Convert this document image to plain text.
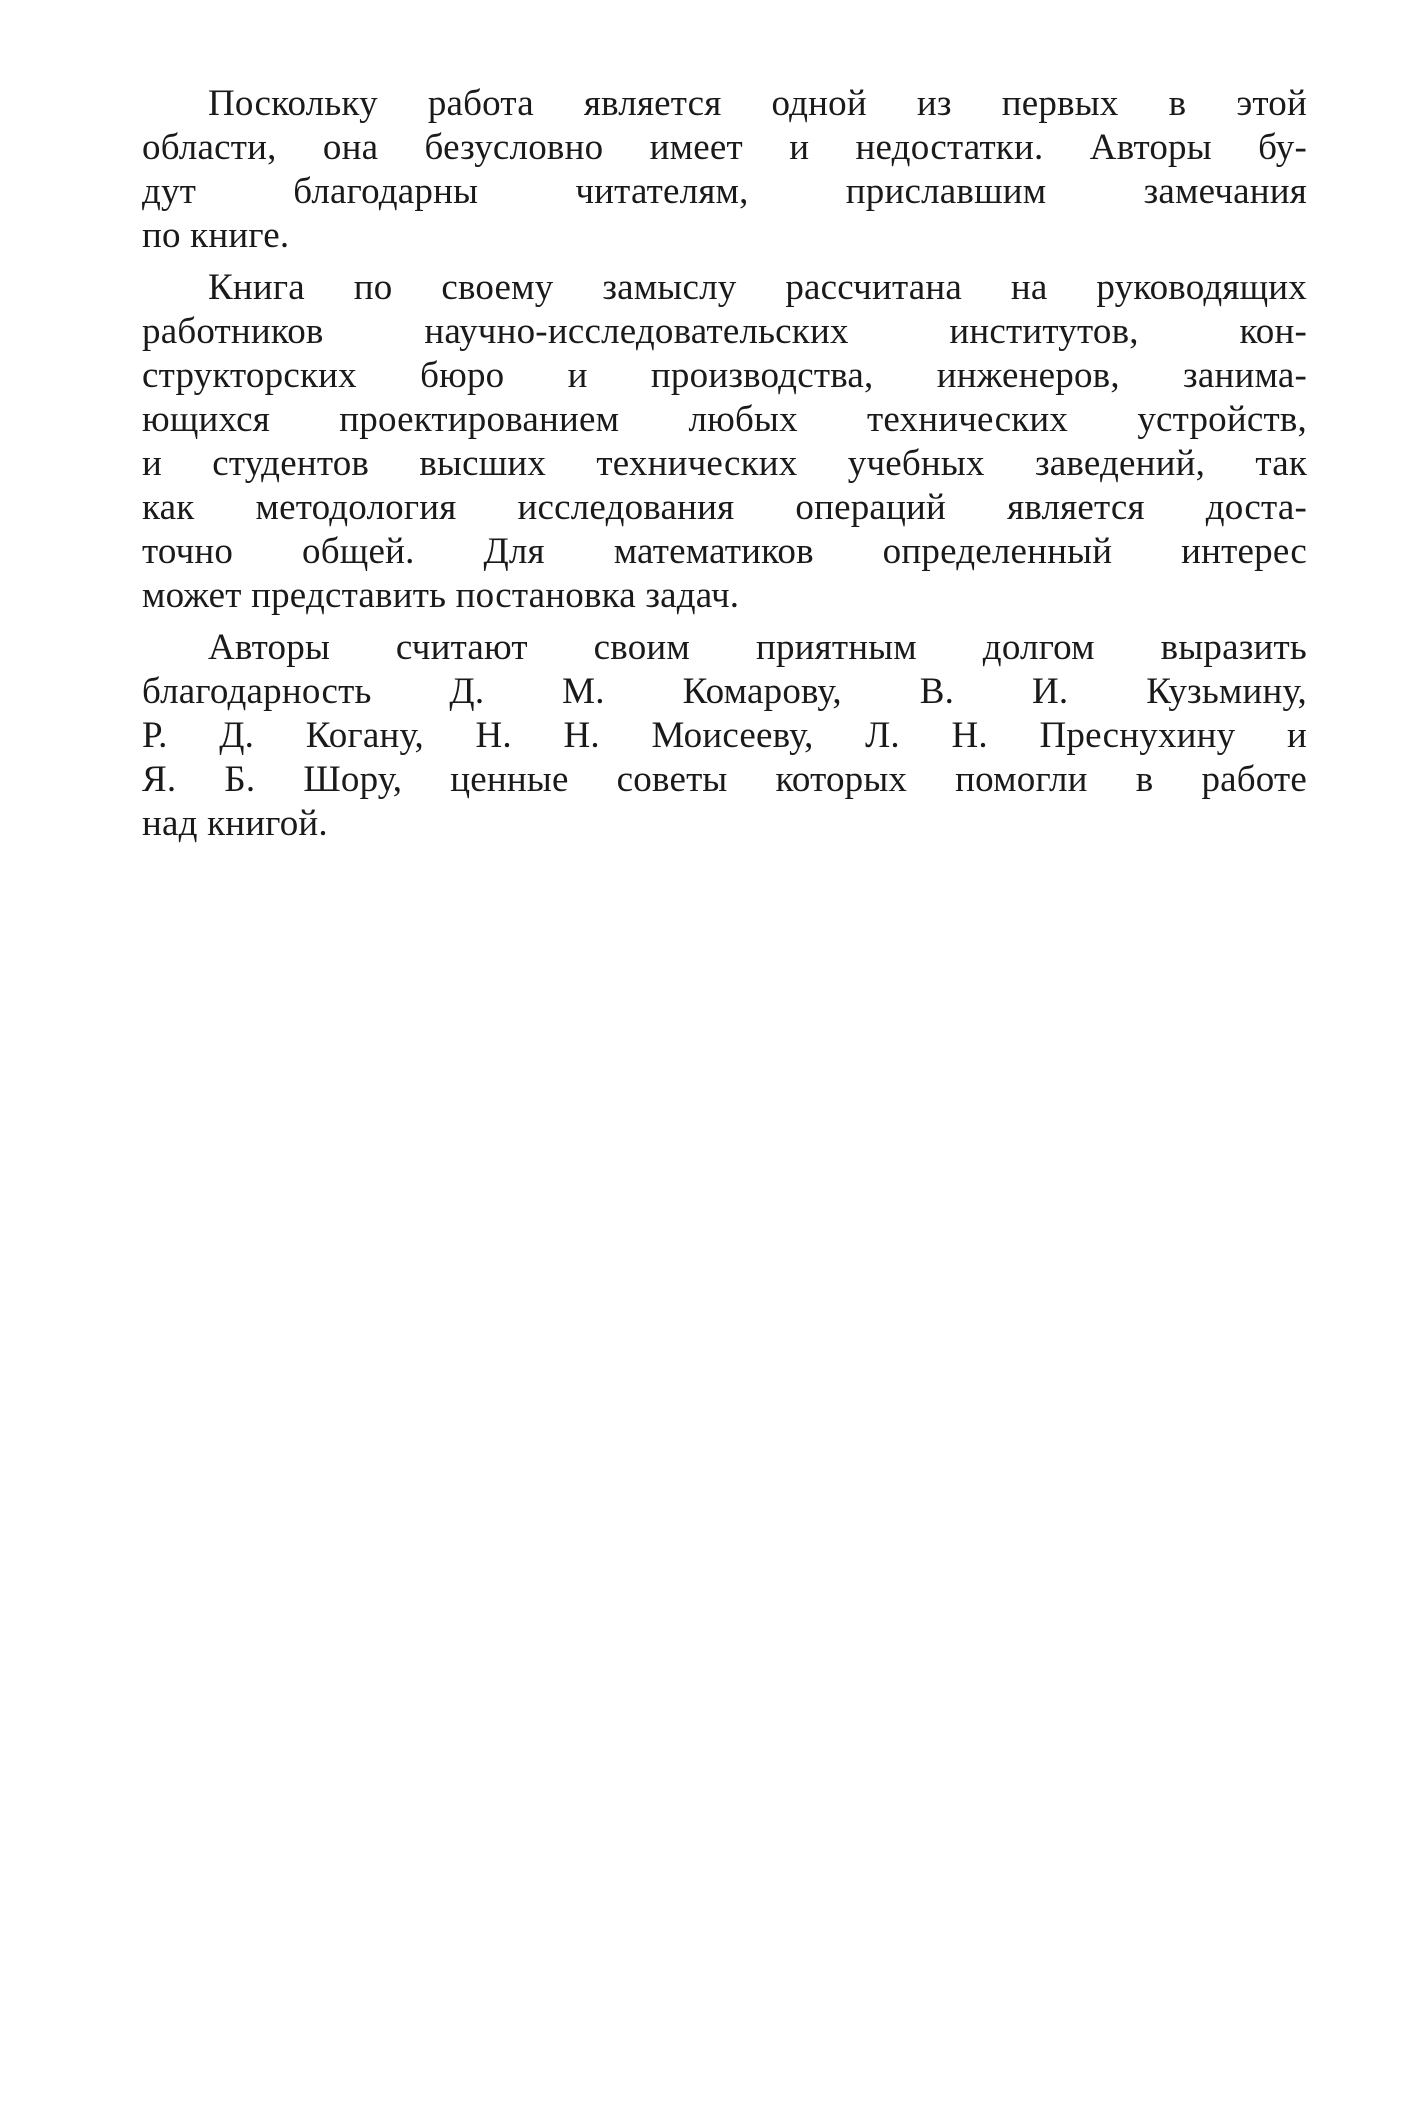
Поскольку работа является одной из первых в этой
области, она безусловно имеет и недостатки. Авторы бу-
дут благодарны читателям, приславшим замечания
по книге.

Книга по своему замыслу рассчитана на руководящих
работников научно-исследовательских институтов, кон-
структорских бюро и производства, инженеров, занима-
ющихся проектированием любых технических устройств,
и студентов высших технических учебных заведений, так
как методология исследования операций является доста-
точно общей. Для математиков определенный интерес
может представить постановка задач.

Авторы считают своим приятным долгом выразить
благодарность Д. М. Комарову, В. И. Кузьмину,
Р. Д. Когану, Н. Н. Моисееву, Л. Н. Преснухину и
Я. Б. Шору, ценные советы которых помогли в работе
над книгой.
